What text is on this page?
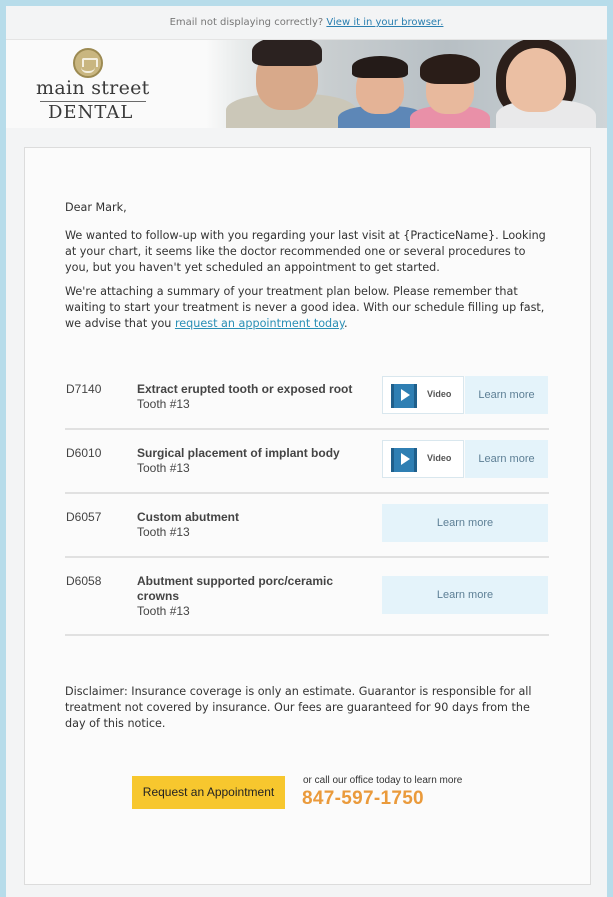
Email not displaying correctly? View it in your browser.
main street
DENTAL
Dear Mark,
We wanted to follow-up with you regarding your last visit at {PracticeName}. Looking at your chart, it seems like the doctor recommended one or several procedures to you, but you haven't yet scheduled an appointment to get started.
We're attaching a summary of your treatment plan below. Please remember that waiting to start your treatment is never a good idea. With our schedule filling up fast, we advise that you request an appointment today.
D7140	Extract erupted tooth or exposed root
Tooth #13
Video	Learn more
D6010	Surgical placement of implant body
Tooth #13
Video	Learn more
D6057	Custom abutment
Tooth #13
Learn more
D6058	Abutment supported porc/ceramic crowns
Tooth #13
Learn more
Disclaimer: Insurance coverage is only an estimate. Guarantor is responsible for all treatment not covered by insurance. Our fees are guaranteed for 90 days from the day of this notice.
Request an Appointment
or call our office today to learn more
847-597-1750
